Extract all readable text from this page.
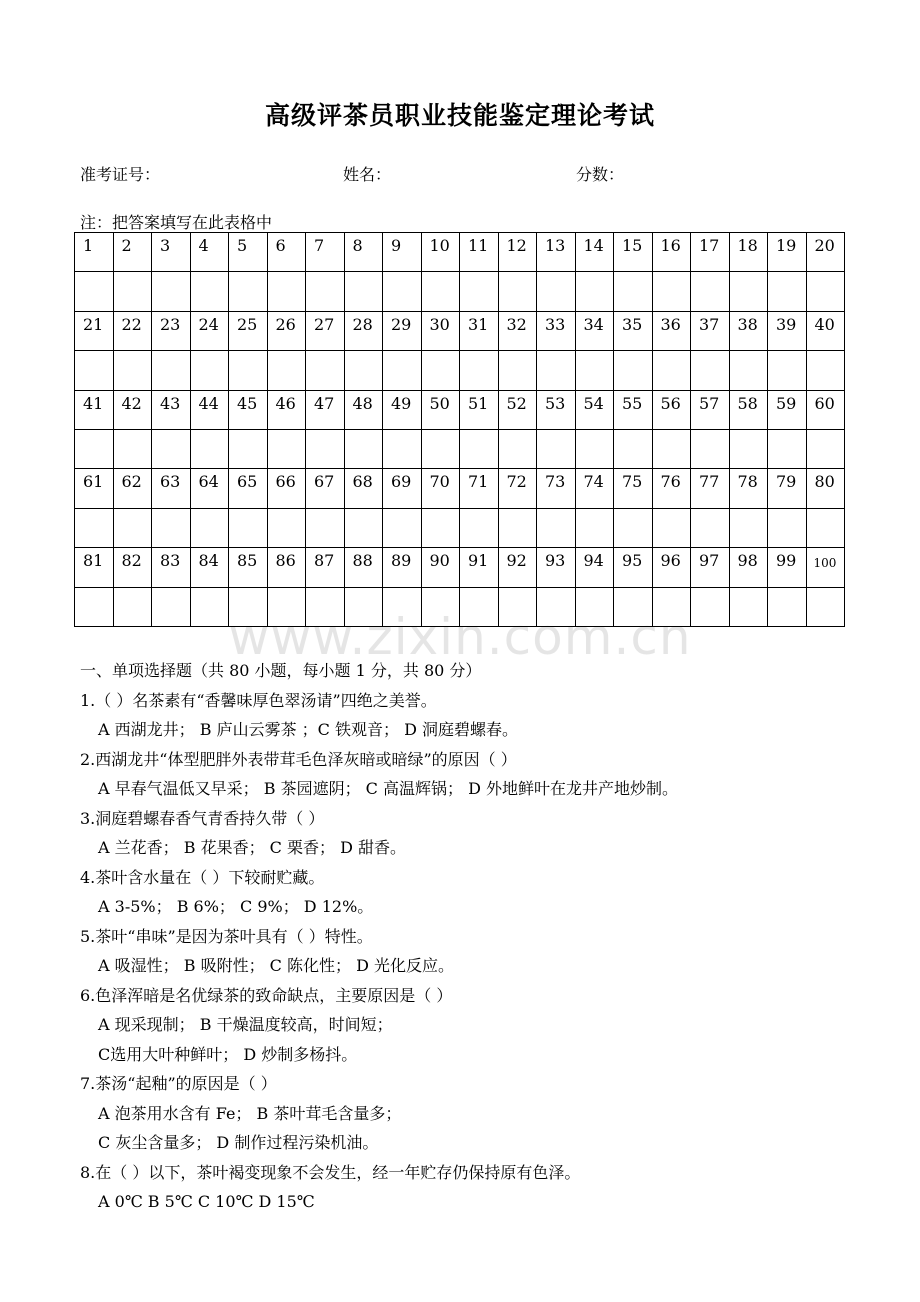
高级评茶员职业技能鉴定理论考试
准考证号：	姓名：	分数：
注：把答案填写在此表格中
1	2	3	4	5	6	7	8	9	10	11	12	13	14	15	16	17	18	19	20

21	22	23	24	25	26	27	28	29	30	31	32	33	34	35	36	37	38	39	40

41	42	43	44	45	46	47	48	49	50	51	52	53	54	55	56	57	58	59	60

61	62	63	64	65	66	67	68	69	70	71	72	73	74	75	76	77	78	79	80

81	82	83	84	85	86	87	88	89	90	91	92	93	94	95	96	97	98	99	100

www.zixin.com.cn
一、单项选择题（共 80 小题，每小题 1 分，共 80 分）
1.（ ）名茶素有“香馨味厚色翠汤请”四绝之美誉。
A 西湖龙井； B 庐山云雾茶 ；C 铁观音； D 洞庭碧螺春。
2.西湖龙井“体型肥胖外表带茸毛色泽灰暗或暗绿”的原因（ ）
A 早春气温低又早采； B 茶园遮阴； C 高温辉锅； D 外地鲜叶在龙井产地炒制。
3.洞庭碧螺春香气青香持久带（ ）
A 兰花香； B 花果香； C 栗香； D 甜香。
4.茶叶含水量在（ ）下较耐贮藏。
A 3-5%； B 6%； C 9%； D 12%。
5.茶叶“串味”是因为茶叶具有（ ）特性。
A 吸湿性； B 吸附性； C 陈化性； D 光化反应。
6.色泽浑暗是名优绿茶的致命缺点，主要原因是（ ）
A 现采现制； B 干燥温度较高，时间短；
C选用大叶种鲜叶； D 炒制多杨抖。
7.茶汤“起釉”的原因是（ ）
A 泡茶用水含有 Fe； B 茶叶茸毛含量多；
C 灰尘含量多； D 制作过程污染机油。
8.在（ ）以下，茶叶褐变现象不会发生，经一年贮存仍保持原有色泽。
A 0℃ B 5℃ C 10℃ D 15℃
